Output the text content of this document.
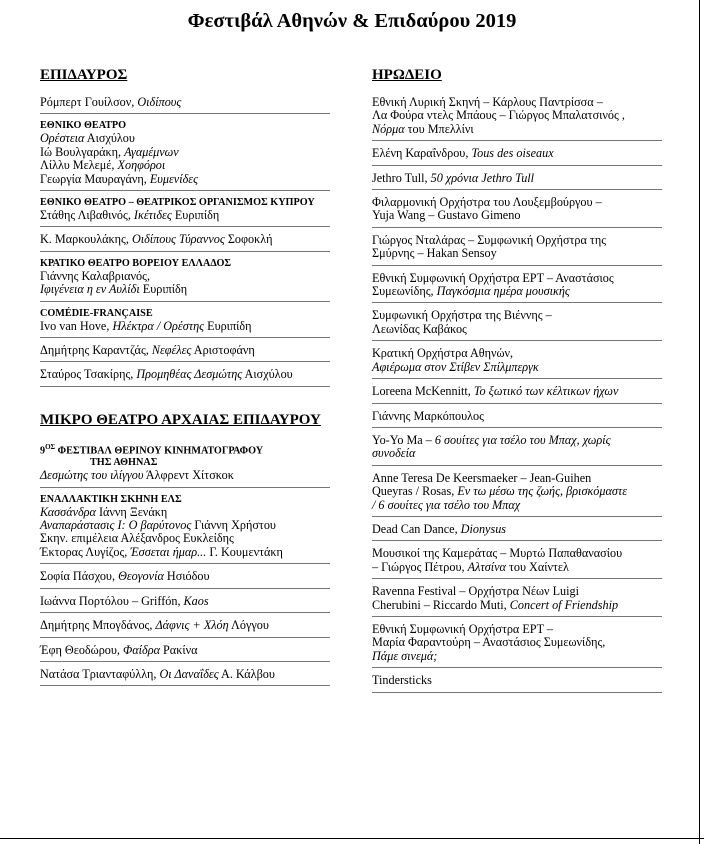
Φεστιβάλ Αθηνών & Επιδαύρου 2019
ΕΠΙΔΑΥΡΟΣ
Ρόμπερτ Γουίλσον, Οιδίπους
ΕΘΝΙΚΟ ΘΕΑΤΡΟ
Ορέστεια Αισχύλου
Ιώ Βουλγαράκη, Αγαμέμνων
Λίλλυ Μελεμέ, Χοηφόροι
Γεωργία Μαυραγάνη, Ευμενίδες
ΕΘΝΙΚΟ ΘΕΑΤΡΟ – ΘΕΑΤΡΙΚΟΣ ΟΡΓΑΝΙΣΜΟΣ ΚΥΠΡΟΥ
Στάθης Λιβαθινός, Ικέτιδες Ευριπίδη
Κ. Μαρκουλάκης, Οιδίπους Τύραννος Σοφοκλή
ΚΡΑΤΙΚΟ ΘΕΑΤΡΟ ΒΟΡΕΙΟΥ ΕΛΛΑΔΟΣ
Γιάννης Καλαβριανός,
Ιφιγένεια η εν Αυλίδι Ευριπίδη
COMÉDIE-FRANÇAISE
Ivo van Hove, Ηλέκτρα / Ορέστης Ευριπίδη
Δημήτρης Καραντζάς, Νεφέλες Αριστοφάνη
Σταύρος Τσακίρης, Προμηθέας Δεσμώτης Αισχύλου
ΜΙΚΡΟ ΘΕΑΤΡΟ ΑΡΧΑΙΑΣ ΕΠΙΔΑΥΡΟΥ
$9^{O\Sigma}$ ΦΕΣΤΙΒΑΛ ΘΕΡΙΝΟΥ ΚΙΝΗΜΑΤΟΓΡΑΦΟΥ
ΤΗΣ ΑΘΗΝΑΣ
Δεσμώτης του ιλίγγου Άλφρεντ Χίτσκοκ
ΕΝΑΛΛΑΚΤΙΚΗ ΣΚΗΝΗ ΕΛΣ
Κασσάνδρα Ιάννη Ξενάκη
Αναπαράστασις Ι: Ο βαρύτονος Γιάννη Χρήστου
Σκην. επιμέλεια Αλέξανδρος Ευκλείδης
Έκτορας Λυγίζος, Έσσεται ήμαρ... Γ. Κουμεντάκη
Σοφία Πάσχου, Θεογονία Ησιόδου
Ιωάννα Πορτόλου – Griffón, Kaos
Δημήτρης Μπογδάνος, Δάφνις + Χλόη Λόγγου
Έφη Θεοδώρου, Φαίδρα Ρακίνα
Νατάσα Τριανταφύλλη, Οι Δαναΐδες Α. Κάλβου
ΗΡΩΔΕΙΟ
Εθνική Λυρική Σκηνή – Κάρλους Παντρίσσα –
Λα Φούρα ντελς Μπάους – Γιώργος Μπαλατσινός ,
Νόρμα του Μπελλίνι
Ελένη Καραΐνδρου, Tous des oiseaux
Jethro Tull, 50 χρόνια Jethro Tull
Φιλαρμονική Ορχήστρα του Λουξεμβούργου –
Yuja Wang – Gustavo Gimeno
Γιώργος Νταλάρας – Συμφωνική Ορχήστρα της
Σμύρνης – Hakan Sensoy
Εθνική Συμφωνική Ορχήστρα ΕΡΤ – Αναστάσιος
Συμεωνίδης, Παγκόσμια ημέρα μουσικής
Συμφωνική Ορχήστρα της Βιέννης –
Λεωνίδας Καβάκος
Κρατική Ορχήστρα Αθηνών,
Αφιέρωμα στον Στίβεν Σπίλμπεργκ
Loreena McKennitt, Το ξωτικό των κέλτικων ήχων
Γιάννης Μαρκόπουλος
Yo-Yo Ma – 6 σουίτες για τσέλο του Μπαχ, χωρίς
συνοδεία
Anne Teresa De Keersmaeker – Jean-Guihen
Queyras / Rosas, Εν τω μέσω της ζωής, βρισκόμαστε
/ 6 σουίτες για τσέλο του Μπαχ
Dead Can Dance, Dionysus
Μουσικοί της Καμεράτας – Μυρτώ Παπαθανασίου
– Γιώργος Πέτρου, Αλτσίνα του Χαίντελ
Ravenna Festival – Ορχήστρα Νέων Luigi
Cherubini – Riccardo Muti, Concert of Friendship
Εθνική Συμφωνική Ορχήστρα ΕΡΤ –
Μαρία Φαραντούρη – Αναστάσιος Συμεωνίδης,
Πάμε σινεμά;
Tindersticks
